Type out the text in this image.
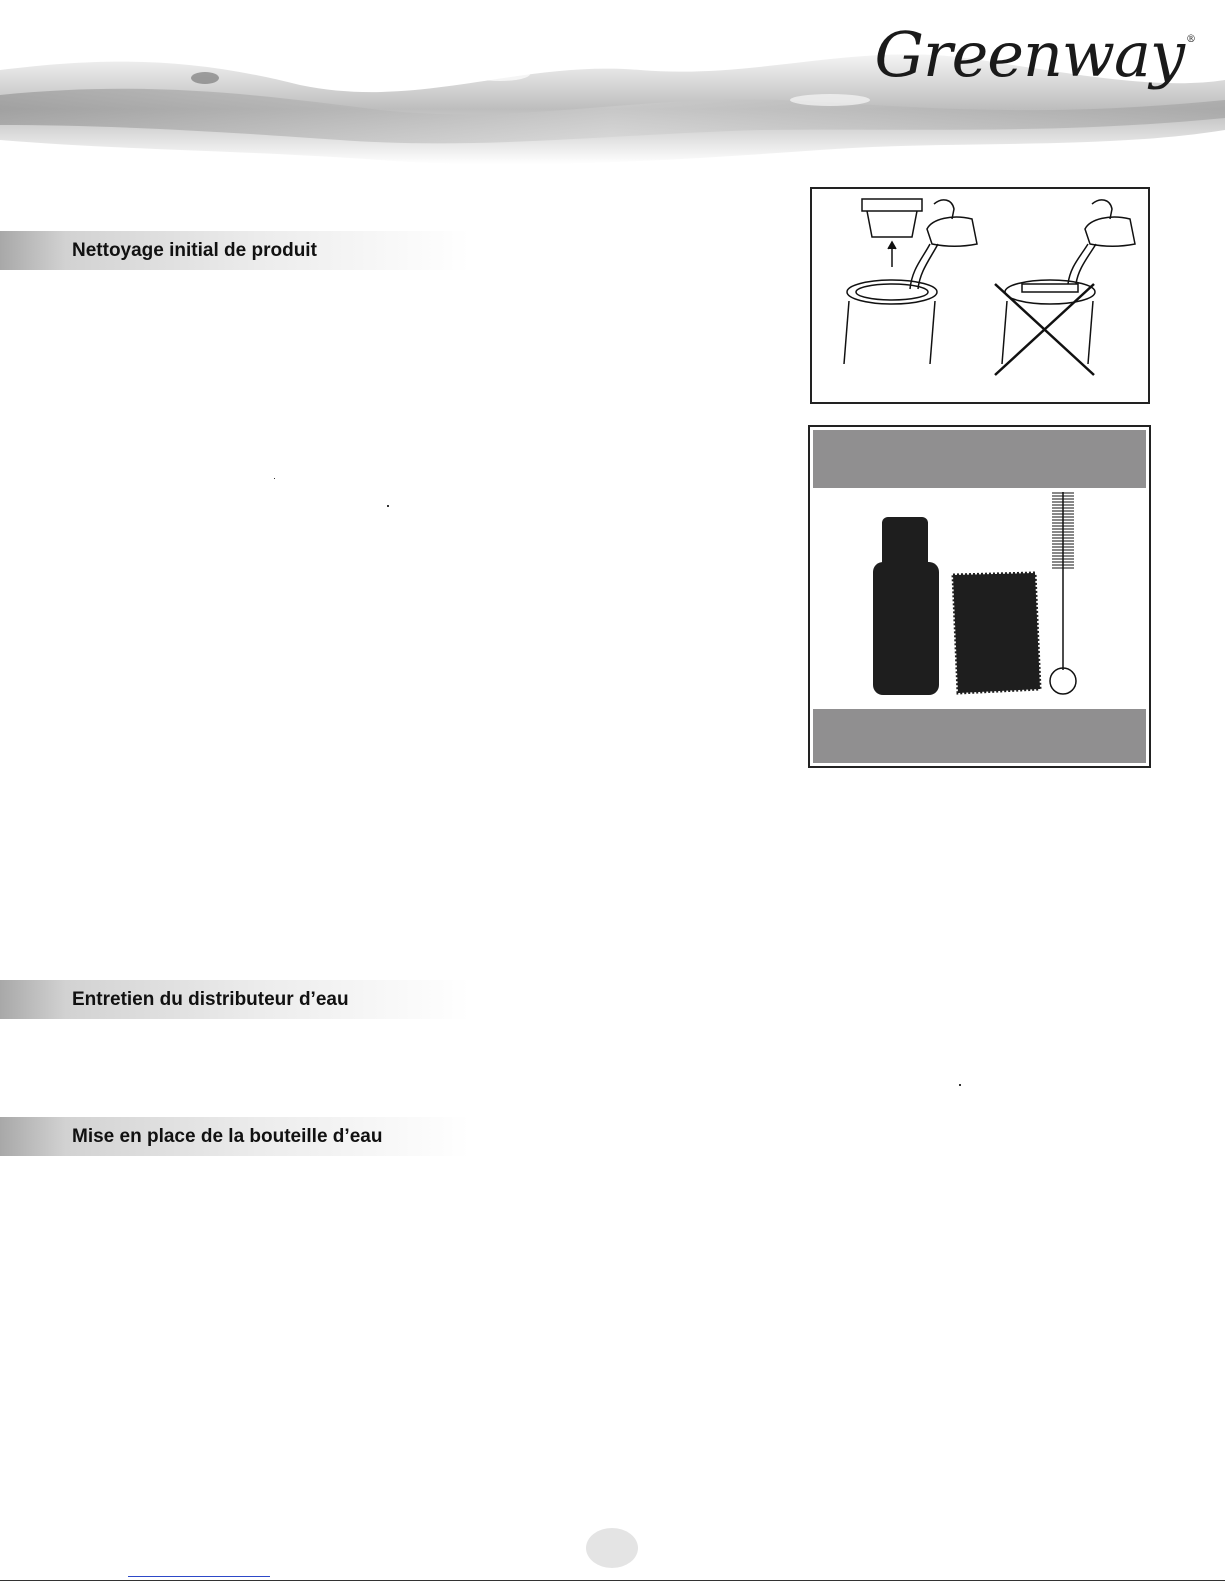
Greenway ®
Nettoyage initial de produit
Entretien du distributeur d’eau
Mise en place de la bouteille d’eau
